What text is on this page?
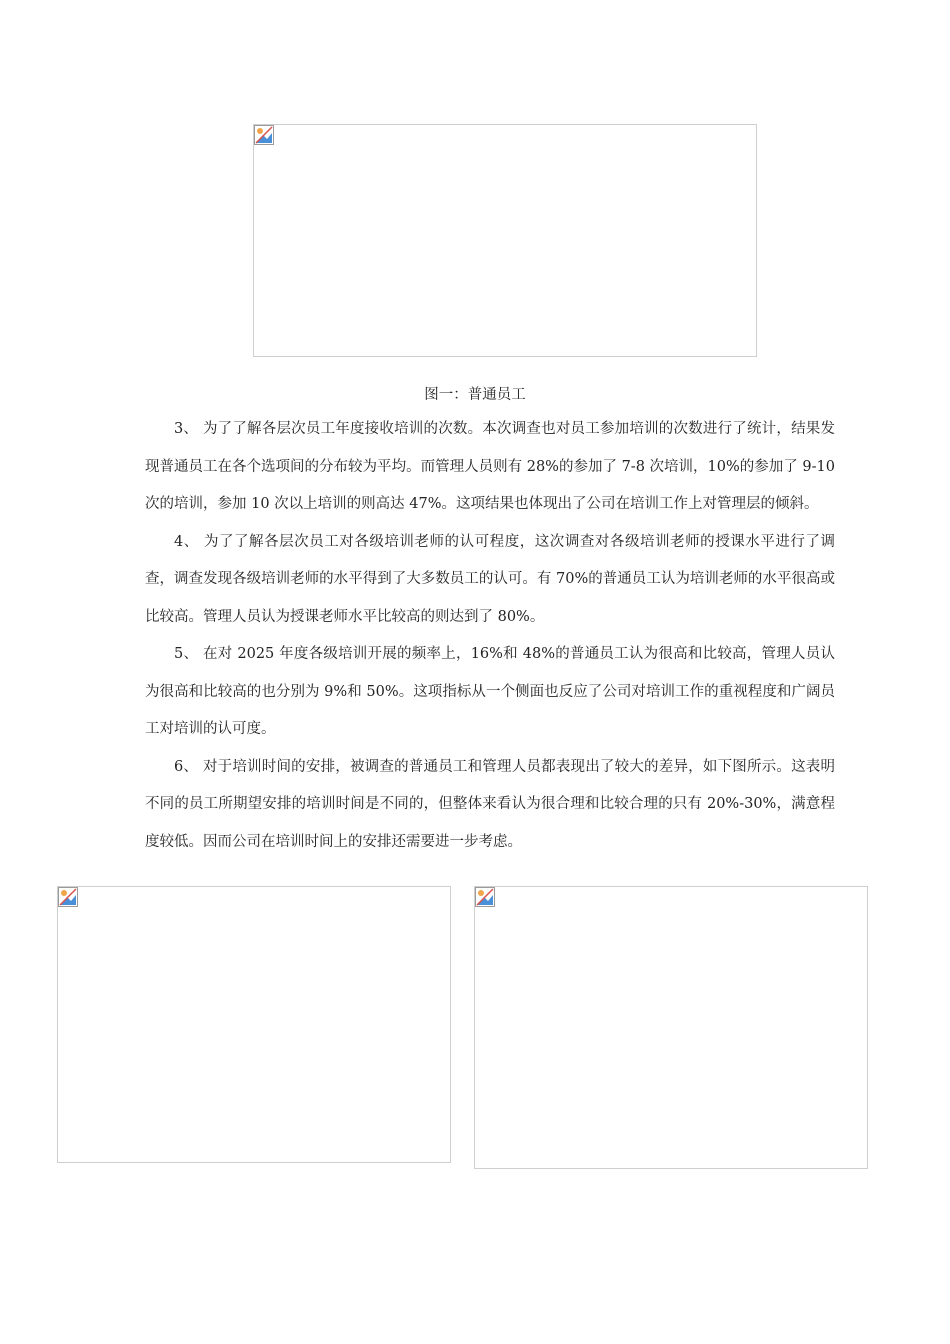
图一：普通员工

3、 为了了解各层次员工年度接收培训的次数。本次调查也对员工参加培训的次数进行了统计，结果发现普通员工在各个选项间的分布较为平均。而管理人员则有 28%的参加了 7-8 次培训，10%的参加了 9-10 次的培训，参加 10 次以上培训的则高达 47%。这项结果也体现出了公司在培训工作上对管理层的倾斜。

4、 为了了解各层次员工对各级培训老师的认可程度，这次调查对各级培训老师的授课水平进行了调查，调查发现各级培训老师的水平得到了大多数员工的认可。有 70%的普通员工认为培训老师的水平很高或比较高。管理人员认为授课老师水平比较高的则达到了 80%。

5、 在对 2025 年度各级培训开展的频率上，16%和 48%的普通员工认为很高和比较高，管理人员认为很高和比较高的也分别为 9%和 50%。这项指标从一个侧面也反应了公司对培训工作的重视程度和广阔员工对培训的认可度。

6、 对于培训时间的安排，被调查的普通员工和管理人员都表现出了较大的差异，如下图所示。这表明不同的员工所期望安排的培训时间是不同的，但整体来看认为很合理和比较合理的只有 20%-30%，满意程度较低。因而公司在培训时间上的安排还需要进一步考虑。
